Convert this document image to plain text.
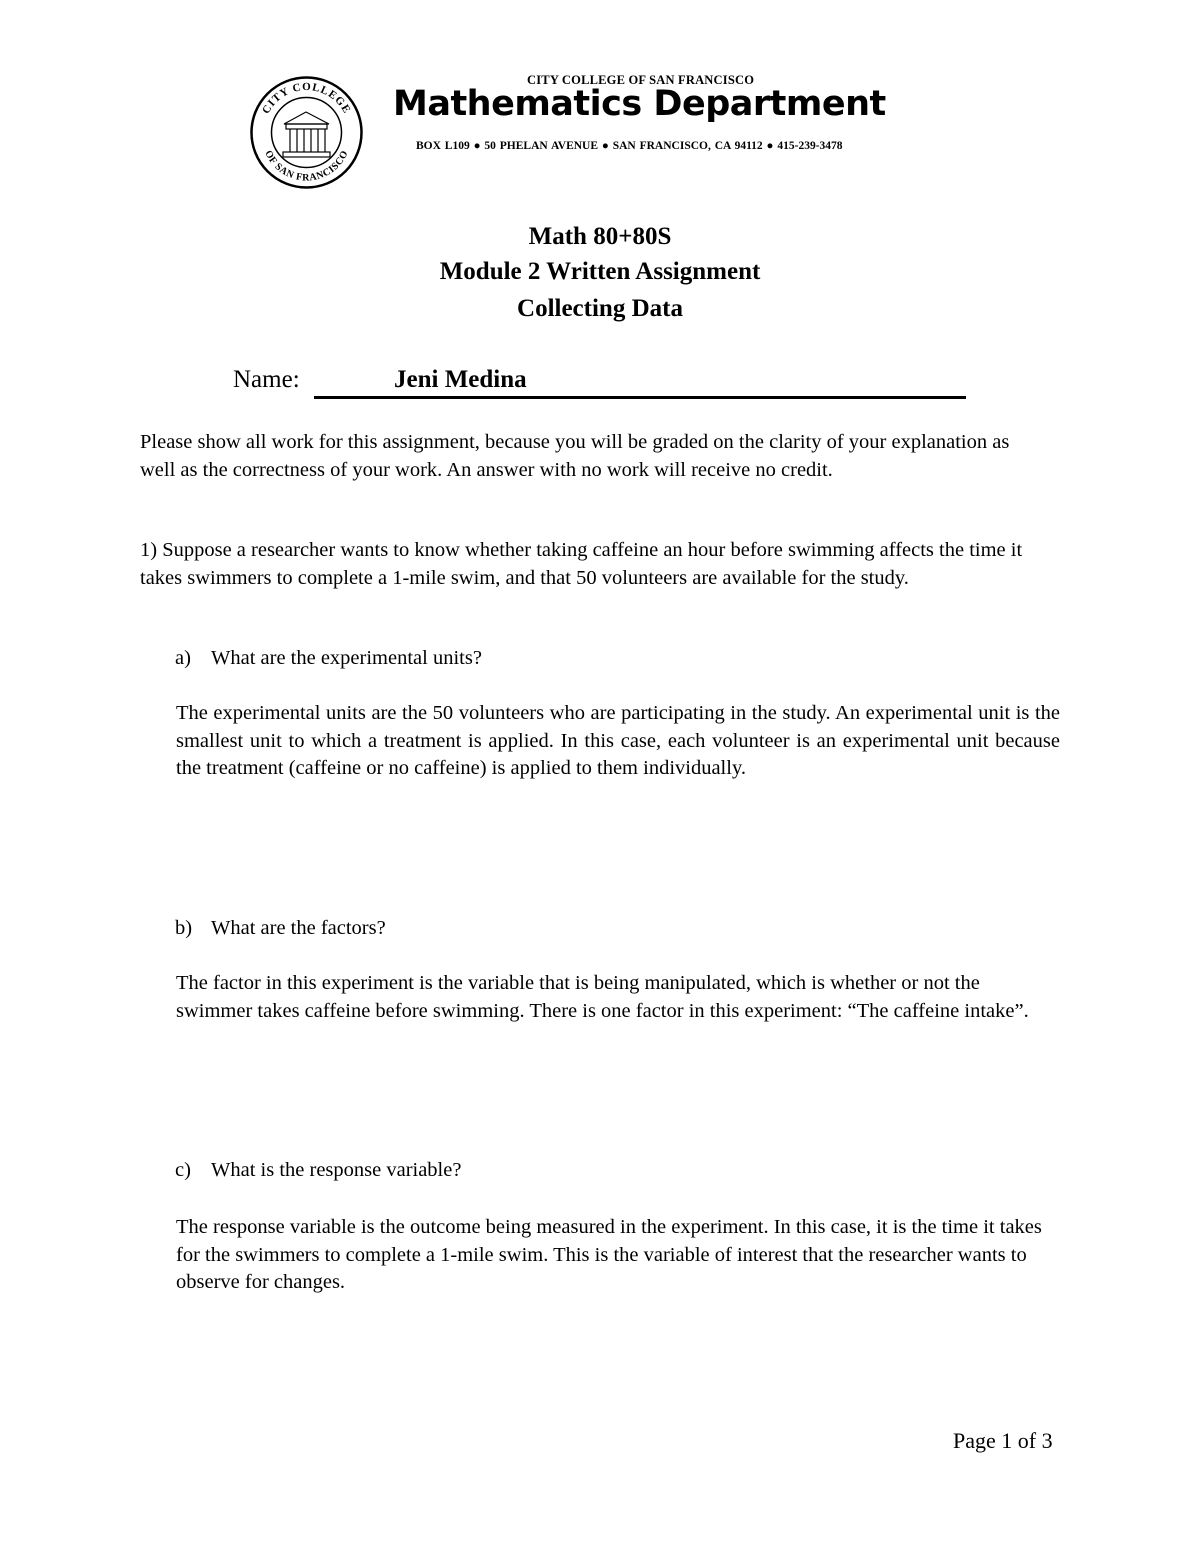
CITY COLLEGE
OF SAN FRANCISCO
CITY COLLEGE OF SAN FRANCISCO
Mathematics Department
BOX L109 ● 50 PHELAN AVENUE ● SAN FRANCISCO, CA 94112 ● 415-239-3478
Math 80+80S
Module 2 Written Assignment
Collecting Data
Name:	Jeni Medina
Please show all work for this assignment, because you will be graded on the clarity of your explanation as well as the correctness of your work. An answer with no work will receive no credit.
1) Suppose a researcher wants to know whether taking caffeine an hour before swimming affects the time it takes swimmers to complete a 1-mile swim, and that 50 volunteers are available for the study.
a) What are the experimental units?
The experimental units are the 50 volunteers who are participating in the study. An experimental unit is the smallest unit to which a treatment is applied. In this case, each volunteer is an experimental unit because the treatment (caffeine or no caffeine) is applied to them individually.
b) What are the factors?
The factor in this experiment is the variable that is being manipulated, which is whether or not the swimmer takes caffeine before swimming. There is one factor in this experiment: “The caffeine intake”.
c) What is the response variable?
The response variable is the outcome being measured in the experiment. In this case, it is the time it takes for the swimmers to complete a 1-mile swim. This is the variable of interest that the researcher wants to observe for changes.
Page 1 of 3
